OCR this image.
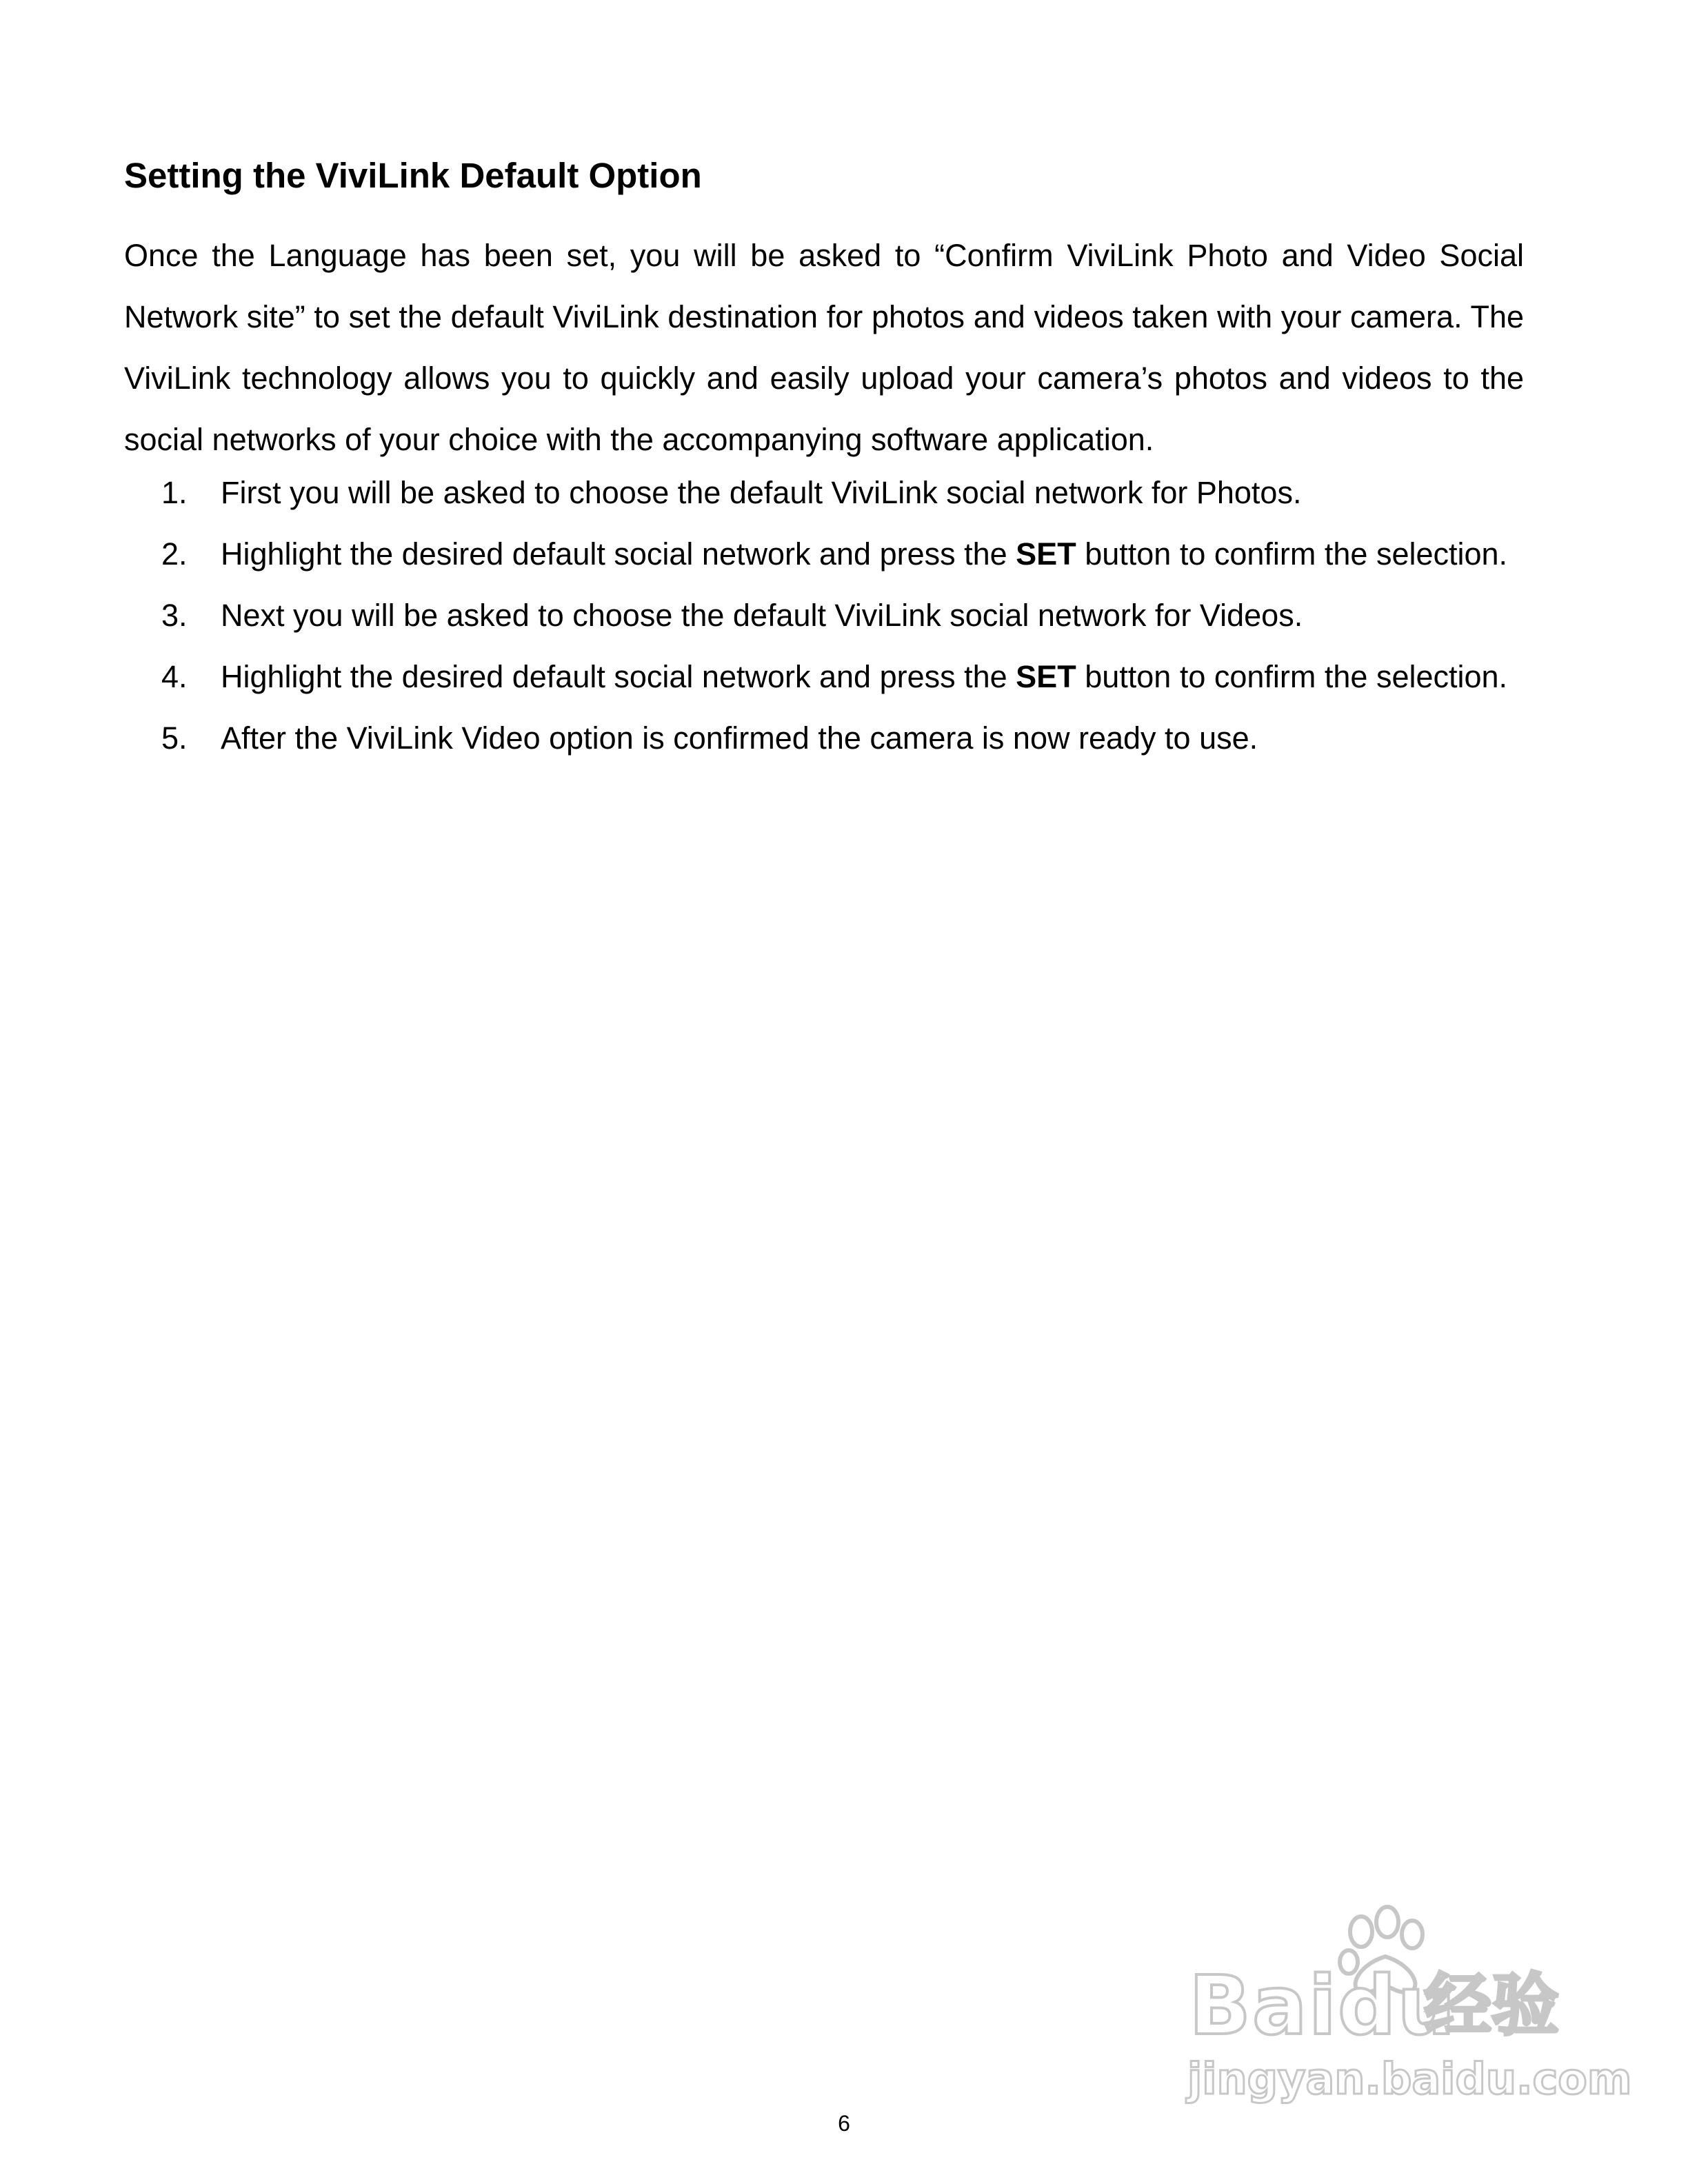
Setting the ViviLink Default Option

Once the Language has been set, you will be asked to “Confirm ViviLink Photo and Video Social Network site” to set the default ViviLink destination for photos and videos taken with your camera. The ViviLink technology allows you to quickly and easily upload your camera’s photos and videos to the social networks of your choice with the accompanying software application.

1. First you will be asked to choose the default ViviLink social network for Photos.
2. Highlight the desired default social network and press the SET button to confirm the selection.
3. Next you will be asked to choose the default ViviLink social network for Videos.
4. Highlight the desired default social network and press the SET button to confirm the selection.
5. After the ViviLink Video option is confirmed the camera is now ready to use.
Baidu
经验
jingyan.baidu.com
6
